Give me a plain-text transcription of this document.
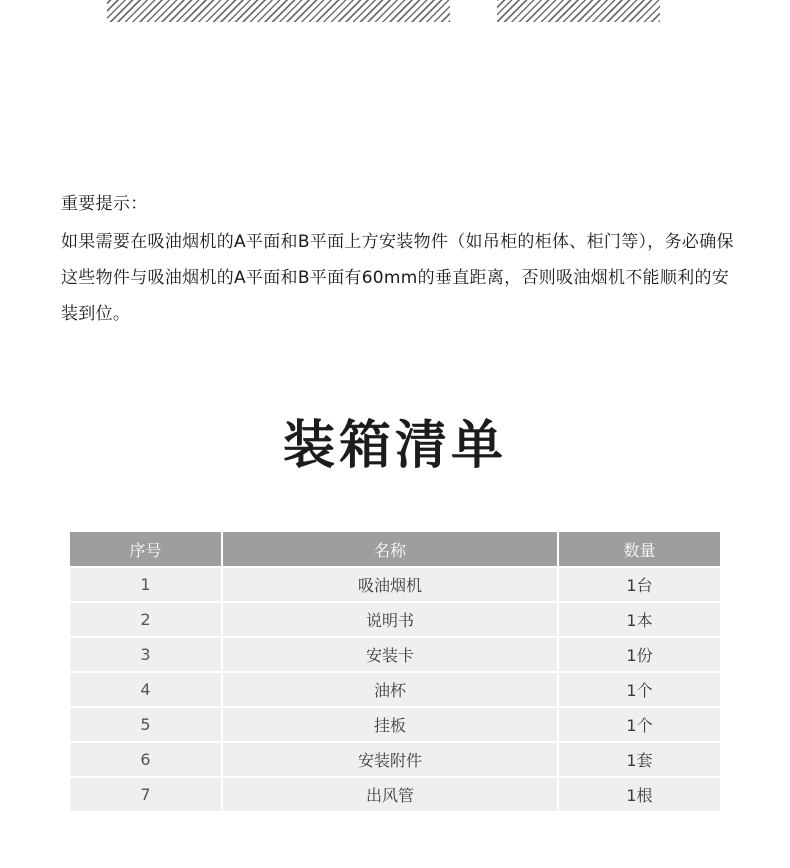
重要提示：

如果需要在吸油烟机的A平面和B平面上方安装物件（如吊柜的柜体、柜门等），务必确保这些物件与吸油烟机的A平面和B平面有60mm的垂直距离，否则吸油烟机不能顺利的安装到位。

装箱清单
序号	名称	数量
1	吸油烟机	1台
2	说明书	1本
3	安装卡	1份
4	油杯	1个
5	挂板	1个
6	安装附件	1套
7	出风管	1根
